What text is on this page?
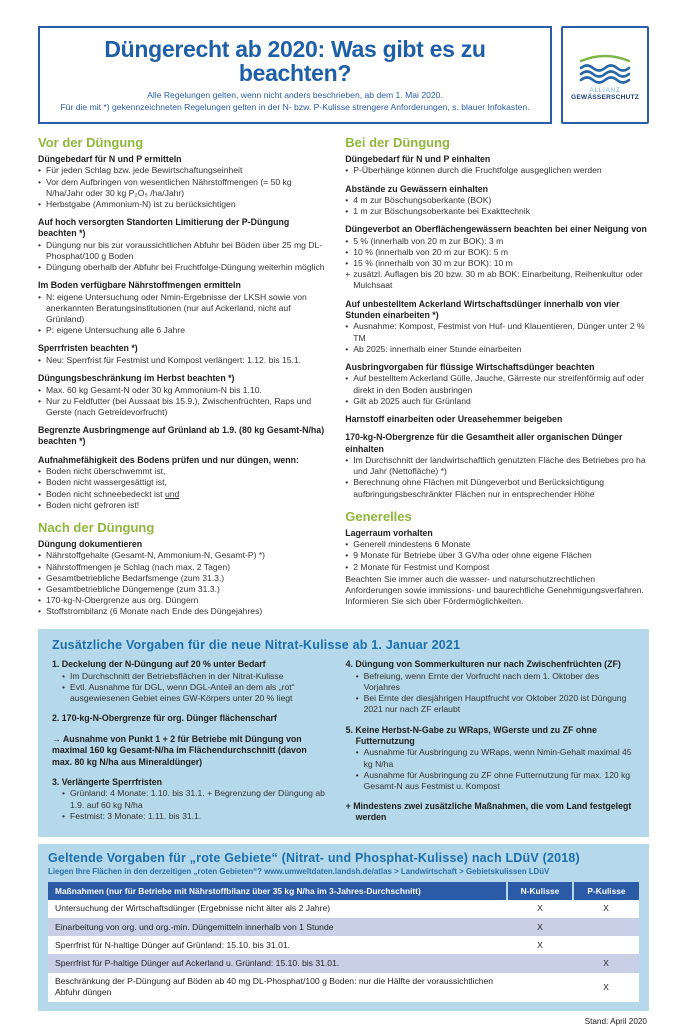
Düngerecht ab 2020: Was gibt es zu beachten?
Alle Regelungen gelten, wenn nicht anders beschrieben, ab dem 1. Mai 2020.
Für die mit *) gekennzeichneten Regelungen gelten in der N- bzw. P-Kulisse strengere Anforderungen, s. blauer Infokasten.
ALLIANZ
GEWÄSSERSCHUTZ
Vor der Düngung
Düngebedarf für N und P ermitteln
• Für jeden Schlag bzw. jede Bewirtschaftungseinheit
• Vor dem Aufbringen von wesentlichen Nährstoffmengen (= 50 kg N/ha/Jahr oder 30 kg P₂O₅ /ha/Jahr)
• Herbstgabe (Ammonium-N) ist zu berücksichtigen
Auf hoch versorgten Standorten Limitierung der P-Düngung beachten *)
• Düngung nur bis zur voraussichtlichen Abfuhr bei Böden über 25 mg DL-Phosphat/100 g Boden
• Düngung oberhalb der Abfuhr bei Fruchtfolge-Düngung weiterhin möglich
Im Boden verfügbare Nährstoffmengen ermitteln
• N: eigene Untersuchung oder Nmin-Ergebnisse der LKSH sowie von anerkannten Beratungsinstitutionen (nur auf Ackerland, nicht auf Grünland)
• P: eigene Untersuchung alle 6 Jahre
Sperrfristen beachten *)
• Neu: Sperrfrist für Festmist und Kompost verlängert: 1.12. bis 15.1.
Düngungsbeschränkung im Herbst beachten *)
• Max. 60 kg Gesamt-N oder 30 kg Ammonium-N bis 1.10.
• Nur zu Feldfutter (bei Aussaat bis 15.9.), Zwischenfrüchten, Raps und Gerste (nach Getreidevorfrucht)
Begrenzte Ausbringmenge auf Grünland ab 1.9. (80 kg Gesamt-N/ha) beachten *)
Aufnahmefähigkeit des Bodens prüfen und nur düngen, wenn:
• Boden nicht überschwemmt ist,
• Boden nicht wassergesättigt ist,
• Boden nicht schneebedeckt ist und
• Boden nicht gefroren ist!
Nach der Düngung
Düngung dokumentieren
• Nährstoffgehalte (Gesamt-N, Ammonium-N, Gesamt-P) *)
• Nährstoffmengen je Schlag (nach max. 2 Tagen)
• Gesamtbetriebliche Bedarfsmenge (zum 31.3.)
• Gesamtbetriebliche Düngemenge (zum 31.3.)
• 170-kg-N-Obergrenze aus org. Düngern
• Stoffstrombilanz (6 Monate nach Ende des Düngejahres)
Bei der Düngung
Düngebedarf für N und P einhalten
• P-Überhänge können durch die Fruchtfolge ausgeglichen werden
Abstände zu Gewässern einhalten
• 4 m zur Böschungsoberkante (BOK)
• 1 m zur Böschungsoberkante bei Exakttechnik
Düngeverbot an Oberflächengewässern beachten bei einer Neigung von
• 5 % (innerhalb von 20 m zur BOK): 3 m
• 10 % (innerhalb von 20 m zur BOK): 5 m
• 15 % (innerhalb von 30 m zur BOK): 10 m
+ zusätzl. Auflagen bis 20 bzw. 30 m ab BOK: Einarbeitung, Reihenkultur oder Mulchsaat
Auf unbestelltem Ackerland Wirtschaftsdünger innerhalb von vier Stunden einarbeiten *)
• Ausnahme: Kompost, Festmist von Huf- und Klauentieren, Dünger unter 2 % TM
• Ab 2025: innerhalb einer Stunde einarbeiten
Ausbringvorgaben für flüssige Wirtschaftsdünger beachten
• Auf bestelltem Ackerland Gülle, Jauche, Gärreste nur streifenförmig auf oder direkt in den Boden ausbringen
• Gilt ab 2025 auch für Grünland
Harnstoff einarbeiten oder Ureasehemmer beigeben
170-kg-N-Obergrenze für die Gesamtheit aller organischen Dünger einhalten
• Im Durchschnitt der landwirtschaftlich genutzten Fläche des Betriebes pro ha und Jahr (Nettofläche) *)
• Berechnung ohne Flächen mit Düngeverbot und Berücksichtigung aufbringungsbeschränkter Flächen nur in entsprechender Höhe
Generelles
Lagerraum vorhalten
• Generell mindestens 6 Monate
• 9 Monate für Betriebe über 3 GV/ha oder ohne eigene Flächen
• 2 Monate für Festmist und Kompost
Beachten Sie immer auch die wasser- und naturschutzrechtlichen Anforderungen sowie immissions- und baurechtliche Genehmigungsverfahren. Informieren Sie sich über Fördermöglichkeiten.
Zusätzliche Vorgaben für die neue Nitrat-Kulisse ab 1. Januar 2021
1. Deckelung der N-Düngung auf 20 % unter Bedarf
• Im Durchschnitt der Betriebsflächen in der Nitrat-Kulisse
• Evtl. Ausnahme für DGL, wenn DGL-Anteil an dem als „rot“ ausgewiesenen Gebiet eines GW-Körpers unter 20 % liegt
2. 170-kg-N-Obergrenze für org. Dünger flächenscharf
→ Ausnahme von Punkt 1 + 2 für Betriebe mit Düngung von maximal 160 kg Gesamt-N/ha im Flächendurchschnitt (davon max. 80 kg N/ha aus Mineraldünger)
3. Verlängerte Sperrfristen
• Grünland: 4 Monate: 1.10. bis 31.1. + Begrenzung der Düngung ab 1.9. auf 60 kg N/ha
• Festmist: 3 Monate: 1.11. bis 31.1.
4. Düngung von Sommerkulturen nur nach Zwischenfrüchten (ZF)
• Befreiung, wenn Ernte der Vorfrucht nach dem 1. Oktober des Vorjahres
• Bei Ernte der diesjährigen Hauptfrucht vor Oktober 2020 ist Düngung 2021 nur nach ZF erlaubt
5. Keine Herbst-N-Gabe zu WRaps, WGerste und zu ZF ohne Futternutzung
• Ausnahme für Ausbringung zu WRaps, wenn Nmin-Gehalt maximal 45 kg N/ha
• Ausnahme für Ausbringung zu ZF ohne Futternutzung für max. 120 kg Gesamt-N aus Festmist u. Kompost
+ Mindestens zwei zusätzliche Maßnahmen, die vom Land festgelegt werden
Geltende Vorgaben für „rote Gebiete“ (Nitrat- und Phosphat-Kulisse) nach LDüV (2018)
Liegen Ihre Flächen in den derzeitigen „roten Gebieten“? www.umweltdaten.landsh.de/atlas > Landwirtschaft > Gebietskulissen LDüV
Maßnahmen (nur für Betriebe mit Nährstoffbilanz über 35 kg N/ha im 3-Jahres-Durchschnitt)	N-Kulisse	P-Kulisse
Untersuchung der Wirtschaftsdünger (Ergebnisse nicht älter als 2 Jahre)	X	X
Einarbeitung von org. und org.-min. Düngemitteln innerhalb von 1 Stunde	X	
Sperrfrist für N-haltige Dünger auf Grünland: 15.10. bis 31.01.	X	
Sperrfrist für P-haltige Dünger auf Ackerland u. Grünland: 15.10. bis 31.01.		X
Beschränkung der P-Düngung auf Böden ab 40 mg DL-Phosphat/100 g Boden: nur die Hälfte der voraussichtlichen Abfuhr düngen		X
Stand: April 2020
